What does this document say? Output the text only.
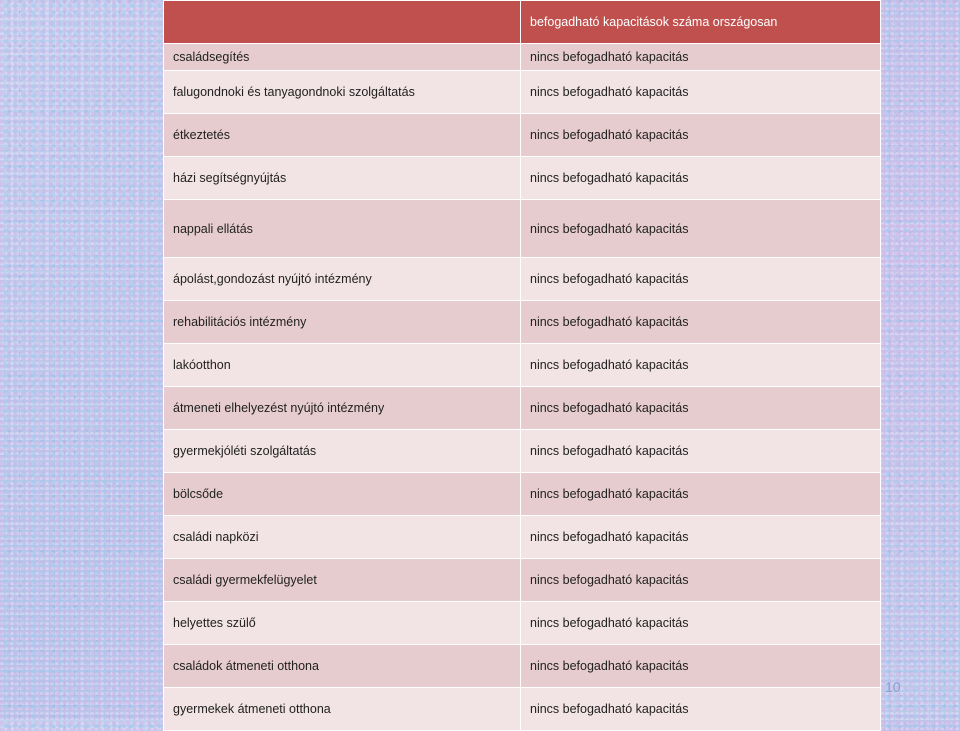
	befogadható kapacitások száma országosan
családsegítés	nincs befogadható kapacitás
falugondnoki és tanyagondnoki szolgáltatás	nincs befogadható kapacitás
étkeztetés	nincs befogadható kapacitás
házi segítségnyújtás	nincs befogadható kapacitás
nappali ellátás	nincs befogadható kapacitás
ápolást,gondozást nyújtó intézmény	nincs befogadható kapacitás
rehabilitációs intézmény	nincs befogadható kapacitás
lakóotthon	nincs befogadható kapacitás
átmeneti elhelyezést nyújtó intézmény	nincs befogadható kapacitás
gyermekjóléti szolgáltatás	nincs befogadható kapacitás
bölcsőde	nincs befogadható kapacitás
családi napközi	nincs befogadható kapacitás
családi gyermekfelügyelet	nincs befogadható kapacitás
helyettes szülő	nincs befogadható kapacitás
családok átmeneti otthona	nincs befogadható kapacitás
gyermekek átmeneti otthona	nincs befogadható kapacitás
10
